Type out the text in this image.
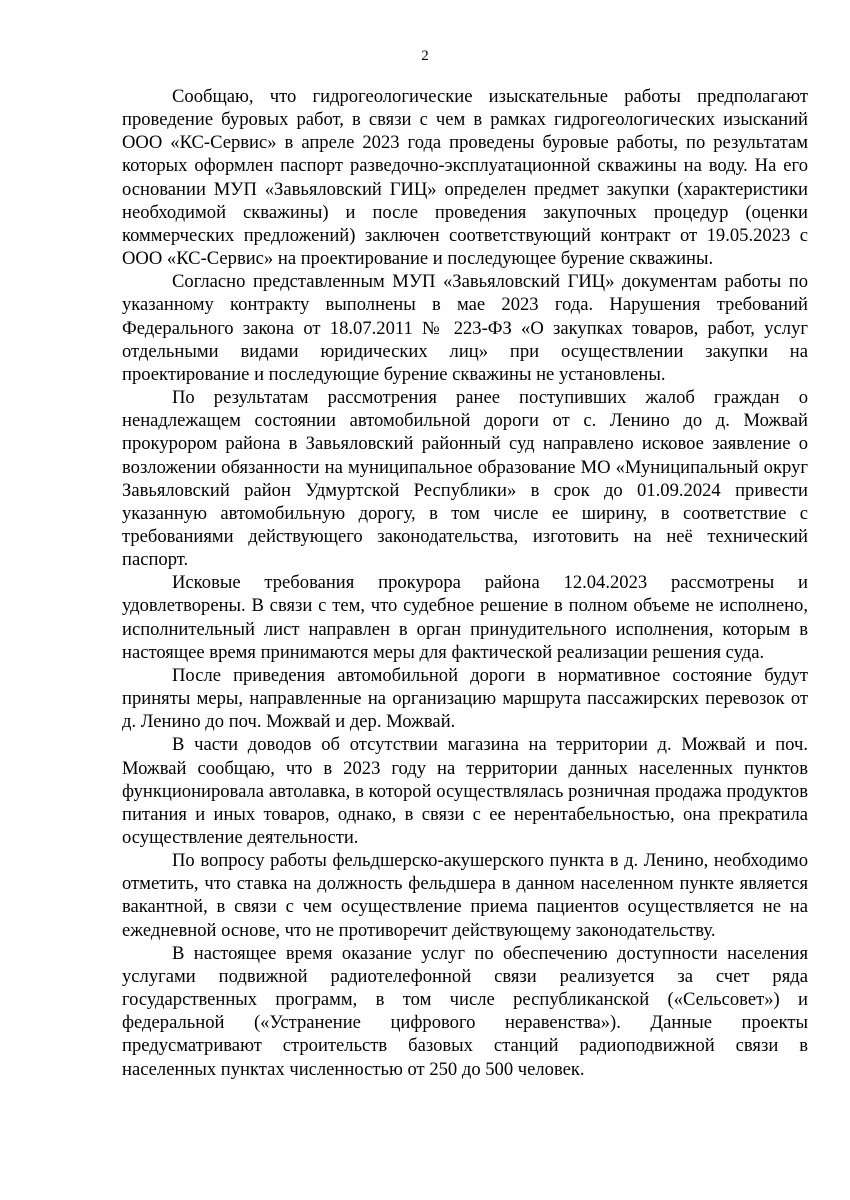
2

Сообщаю, что гидрогеологические изыскательные работы предполагают проведение буровых работ, в связи с чем в рамках гидрогеологических изысканий ООО «КС-Сервис» в апреле 2023 года проведены буровые работы, по результатам которых оформлен паспорт разведочно-эксплуатационной скважины на воду. На его основании МУП «Завьяловский ГИЦ» определен предмет закупки (характеристики необходимой скважины) и после проведения закупочных процедур (оценки коммерческих предложений) заключен соответствующий контракт от 19.05.2023 с ООО «КС-Сервис» на проектирование и последующее бурение скважины.

Согласно представленным МУП «Завьяловский ГИЦ» документам работы по указанному контракту выполнены в мае 2023 года. Нарушения требований Федерального закона от 18.07.2011 № 223-ФЗ «О закупках товаров, работ, услуг отдельными видами юридических лиц» при осуществлении закупки на проектирование и последующие бурение скважины не установлены.

По результатам рассмотрения ранее поступивших жалоб граждан о ненадлежащем состоянии автомобильной дороги от с. Ленино до д. Можвай прокурором района в Завьяловский районный суд направлено исковое заявление о возложении обязанности на муниципальное образование МО «Муниципальный округ Завьяловский район Удмуртской Республики» в срок до 01.09.2024 привести указанную автомобильную дорогу, в том числе ее ширину, в соответствие с требованиями действующего законодательства, изготовить на неё технический паспорт.

Исковые требования прокурора района 12.04.2023 рассмотрены и удовлетворены. В связи с тем, что судебное решение в полном объеме не исполнено, исполнительный лист направлен в орган принудительного исполнения, которым в настоящее время принимаются меры для фактической реализации решения суда.

После приведения автомобильной дороги в нормативное состояние будут приняты меры, направленные на организацию маршрута пассажирских перевозок от д. Ленино до поч. Можвай и дер. Можвай.

В части доводов об отсутствии магазина на территории д. Можвай и поч. Можвай сообщаю, что в 2023 году на территории данных населенных пунктов функционировала автолавка, в которой осуществлялась розничная продажа продуктов питания и иных товаров, однако, в связи с ее нерентабельностью, она прекратила осуществление деятельности.

По вопросу работы фельдшерско-акушерского пункта в д. Ленино, необходимо отметить, что ставка на должность фельдшера в данном населенном пункте является вакантной, в связи с чем осуществление приема пациентов осуществляется не на ежедневной основе, что не противоречит действующему законодательству.

В настоящее время оказание услуг по обеспечению доступности населения услугами подвижной радиотелефонной связи реализуется за счет ряда государственных программ, в том числе республиканской («Сельсовет») и федеральной («Устранение цифрового неравенства»). Данные проекты предусматривают строительств базовых станций радиоподвижной связи в населенных пунктах численностью от 250 до 500 человек.
